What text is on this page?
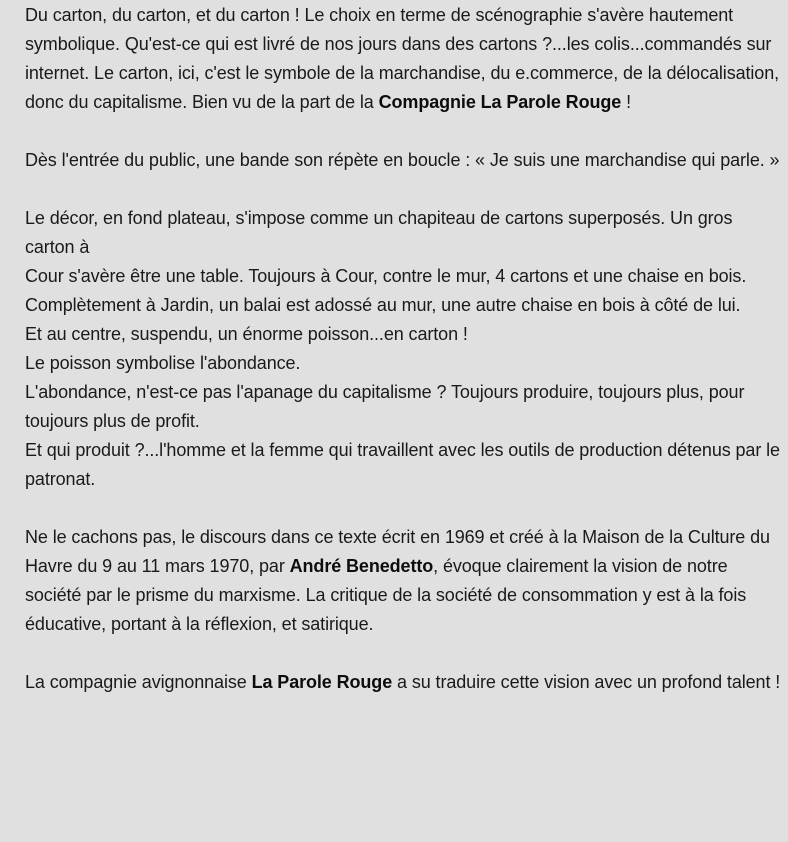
Du carton, du carton, et du carton ! Le choix en terme de scénographie s'avère hautement symbolique. Qu'est-ce qui est livré de nos jours dans des cartons ?...les colis...commandés sur internet. Le carton, ici, c'est le symbole de la marchandise, du e.commerce, de la délocalisation, donc du capitalisme. Bien vu de la part de la Compagnie La Parole Rouge !

Dès l'entrée du public, une bande son répète en boucle : « Je suis une marchandise qui parle. »

Le décor, en fond plateau, s'impose comme un chapiteau de cartons superposés. Un gros carton à
Cour s'avère être une table. Toujours à Cour, contre le mur, 4 cartons et une chaise en bois.
Complètement à Jardin, un balai est adossé au mur, une autre chaise en bois à côté de lui.
Et au centre, suspendu, un énorme poisson...en carton !
Le poisson symbolise l'abondance.
L'abondance, n'est-ce pas l'apanage du capitalisme ? Toujours produire, toujours plus, pour toujours plus de profit.
Et qui produit ?...l'homme et la femme qui travaillent avec les outils de production détenus par le patronat.

Ne le cachons pas, le discours dans ce texte écrit en 1969 et créé à la Maison de la Culture du Havre du 9 au 11 mars 1970, par André Benedetto, évoque clairement la vision de notre société par le prisme du marxisme. La critique de la société de consommation y est à la fois éducative, portant à la réflexion, et satirique.

La compagnie avignonnaise La Parole Rouge a su traduire cette vision avec un profond talent !
